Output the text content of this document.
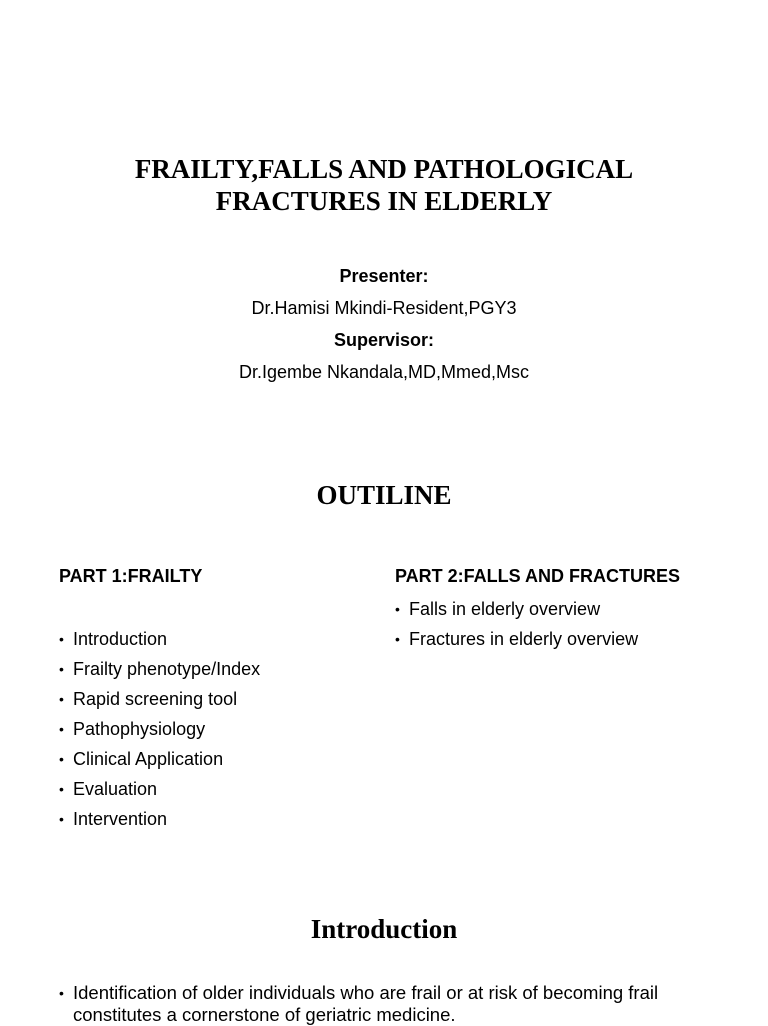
FRAILTY,FALLS AND PATHOLOGICAL
FRACTURES IN ELDERLY
Presenter:
Dr.Hamisi Mkindi-Resident,PGY3
Supervisor:
Dr.Igembe Nkandala,MD,Mmed,Msc
OUTILINE

PART 1:FRAILTY

• Introduction
• Frailty phenotype/Index
• Rapid screening tool
• Pathophysiology
• Clinical Application
• Evaluation
• Intervention

PART 2:FALLS AND FRACTURES

• Falls in elderly overview
• Fractures in elderly overview
Introduction
• Identification of older individuals who are frail or at risk of becoming frail constitutes a cornerstone of geriatric medicine.
